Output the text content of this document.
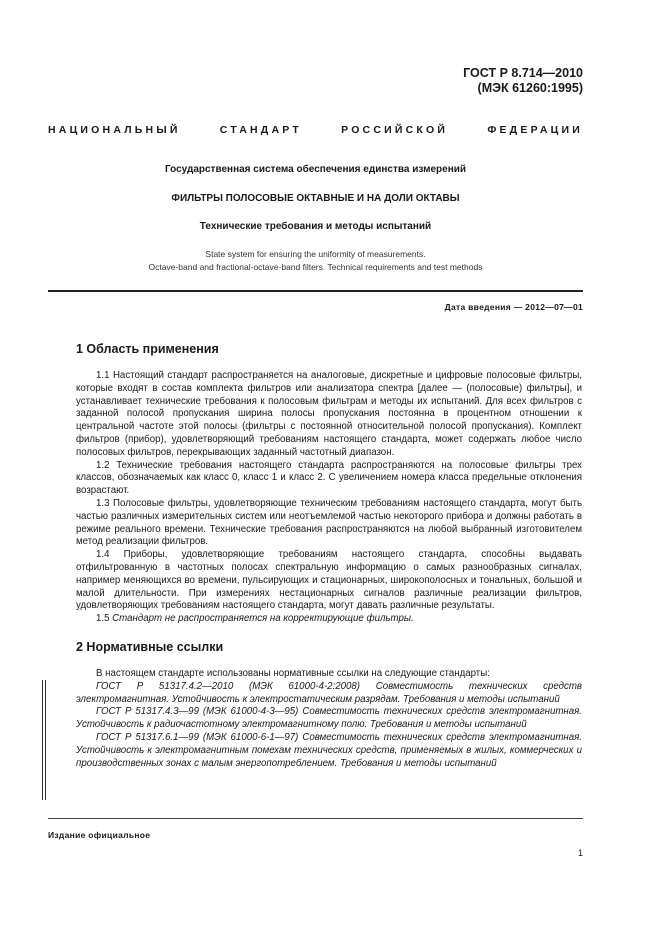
ГОСТ Р 8.714—2010
(МЭК 61260:1995)
НАЦИОНАЛЬНЫЙ СТАНДАРТ РОССИЙСКОЙ ФЕДЕРАЦИИ
Государственная система обеспечения единства измерений
ФИЛЬТРЫ ПОЛОСОВЫЕ ОКТАВНЫЕ И НА ДОЛИ ОКТАВЫ
Технические требования и методы испытаний
State system for ensuring the uniformity of measurements.
Octave-band and fractional-octave-band filters. Technical requirements and test methods
Дата введения — 2012—07—01
1 Область применения

1.1 Настоящий стандарт распространяется на аналоговые, дискретные и цифровые полосовые фильтры, которые входят в состав комплекта фильтров или анализатора спектра [далее — (полосовые) фильтры], и устанавливает технические требования к полосовым фильтрам и методы их испытаний. Для всех фильтров с заданной полосой пропускания ширина полосы пропускания постоянна в процентном отношении к центральной частоте этой полосы (фильтры с постоянной относительной полосой пропускания). Комплект фильтров (прибор), удовлетворяющий требованиям настоящего стандарта, может содержать любое число полосовых фильтров, перекрывающих заданный частотный диапазон.

1.2 Технические требования настоящего стандарта распространяются на полосовые фильтры трех классов, обозначаемых как класс 0, класс 1 и класс 2. С увеличением номера класса предельные отклонения возрастают.

1.3 Полосовые фильтры, удовлетворяющие техническим требованиям настоящего стандарта, могут быть частью различных измерительных систем или неотъемлемой частью некоторого прибора и должны работать в режиме реального времени. Технические требования распространяются на любой выбранный изготовителем метод реализации фильтров.

1.4 Приборы, удовлетворяющие требованиям настоящего стандарта, способны выдавать отфильтрованную в частотных полосах спектральную информацию о самых разнообразных сигналах, например меняющихся во времени, пульсирующих и стационарных, широкополосных и тональных, большой и малой длительности. При измерениях нестационарных сигналов различные реализации фильтров, удовлетворяющих требованиям настоящего стандарта, могут давать различные результаты.

1.5 Стандарт не распространяется на корректирующие фильтры.

2 Нормативные ссылки

В настоящем стандарте использованы нормативные ссылки на следующие стандарты:

ГОСТ Р 51317.4.2—2010 (МЭК 61000-4-2:2008) Совместимость технических средств электромагнитная. Устойчивость к электростатическим разрядам. Требования и методы испытаний

ГОСТ Р 51317.4.3—99 (МЭК 61000-4-3—95) Совместимость технических средств электромагнитная. Устойчивость к радиочастотному электромагнитному полю. Требования и методы испытаний

ГОСТ Р 51317.6.1—99 (МЭК 61000-6-1—97) Совместимость технических средств электромагнитная. Устойчивость к электромагнитным помехам технических средств, применяемых в жилых, коммерческих и производственных зонах с малым энергопотреблением. Требования и методы испытаний

Издание официальное
1
